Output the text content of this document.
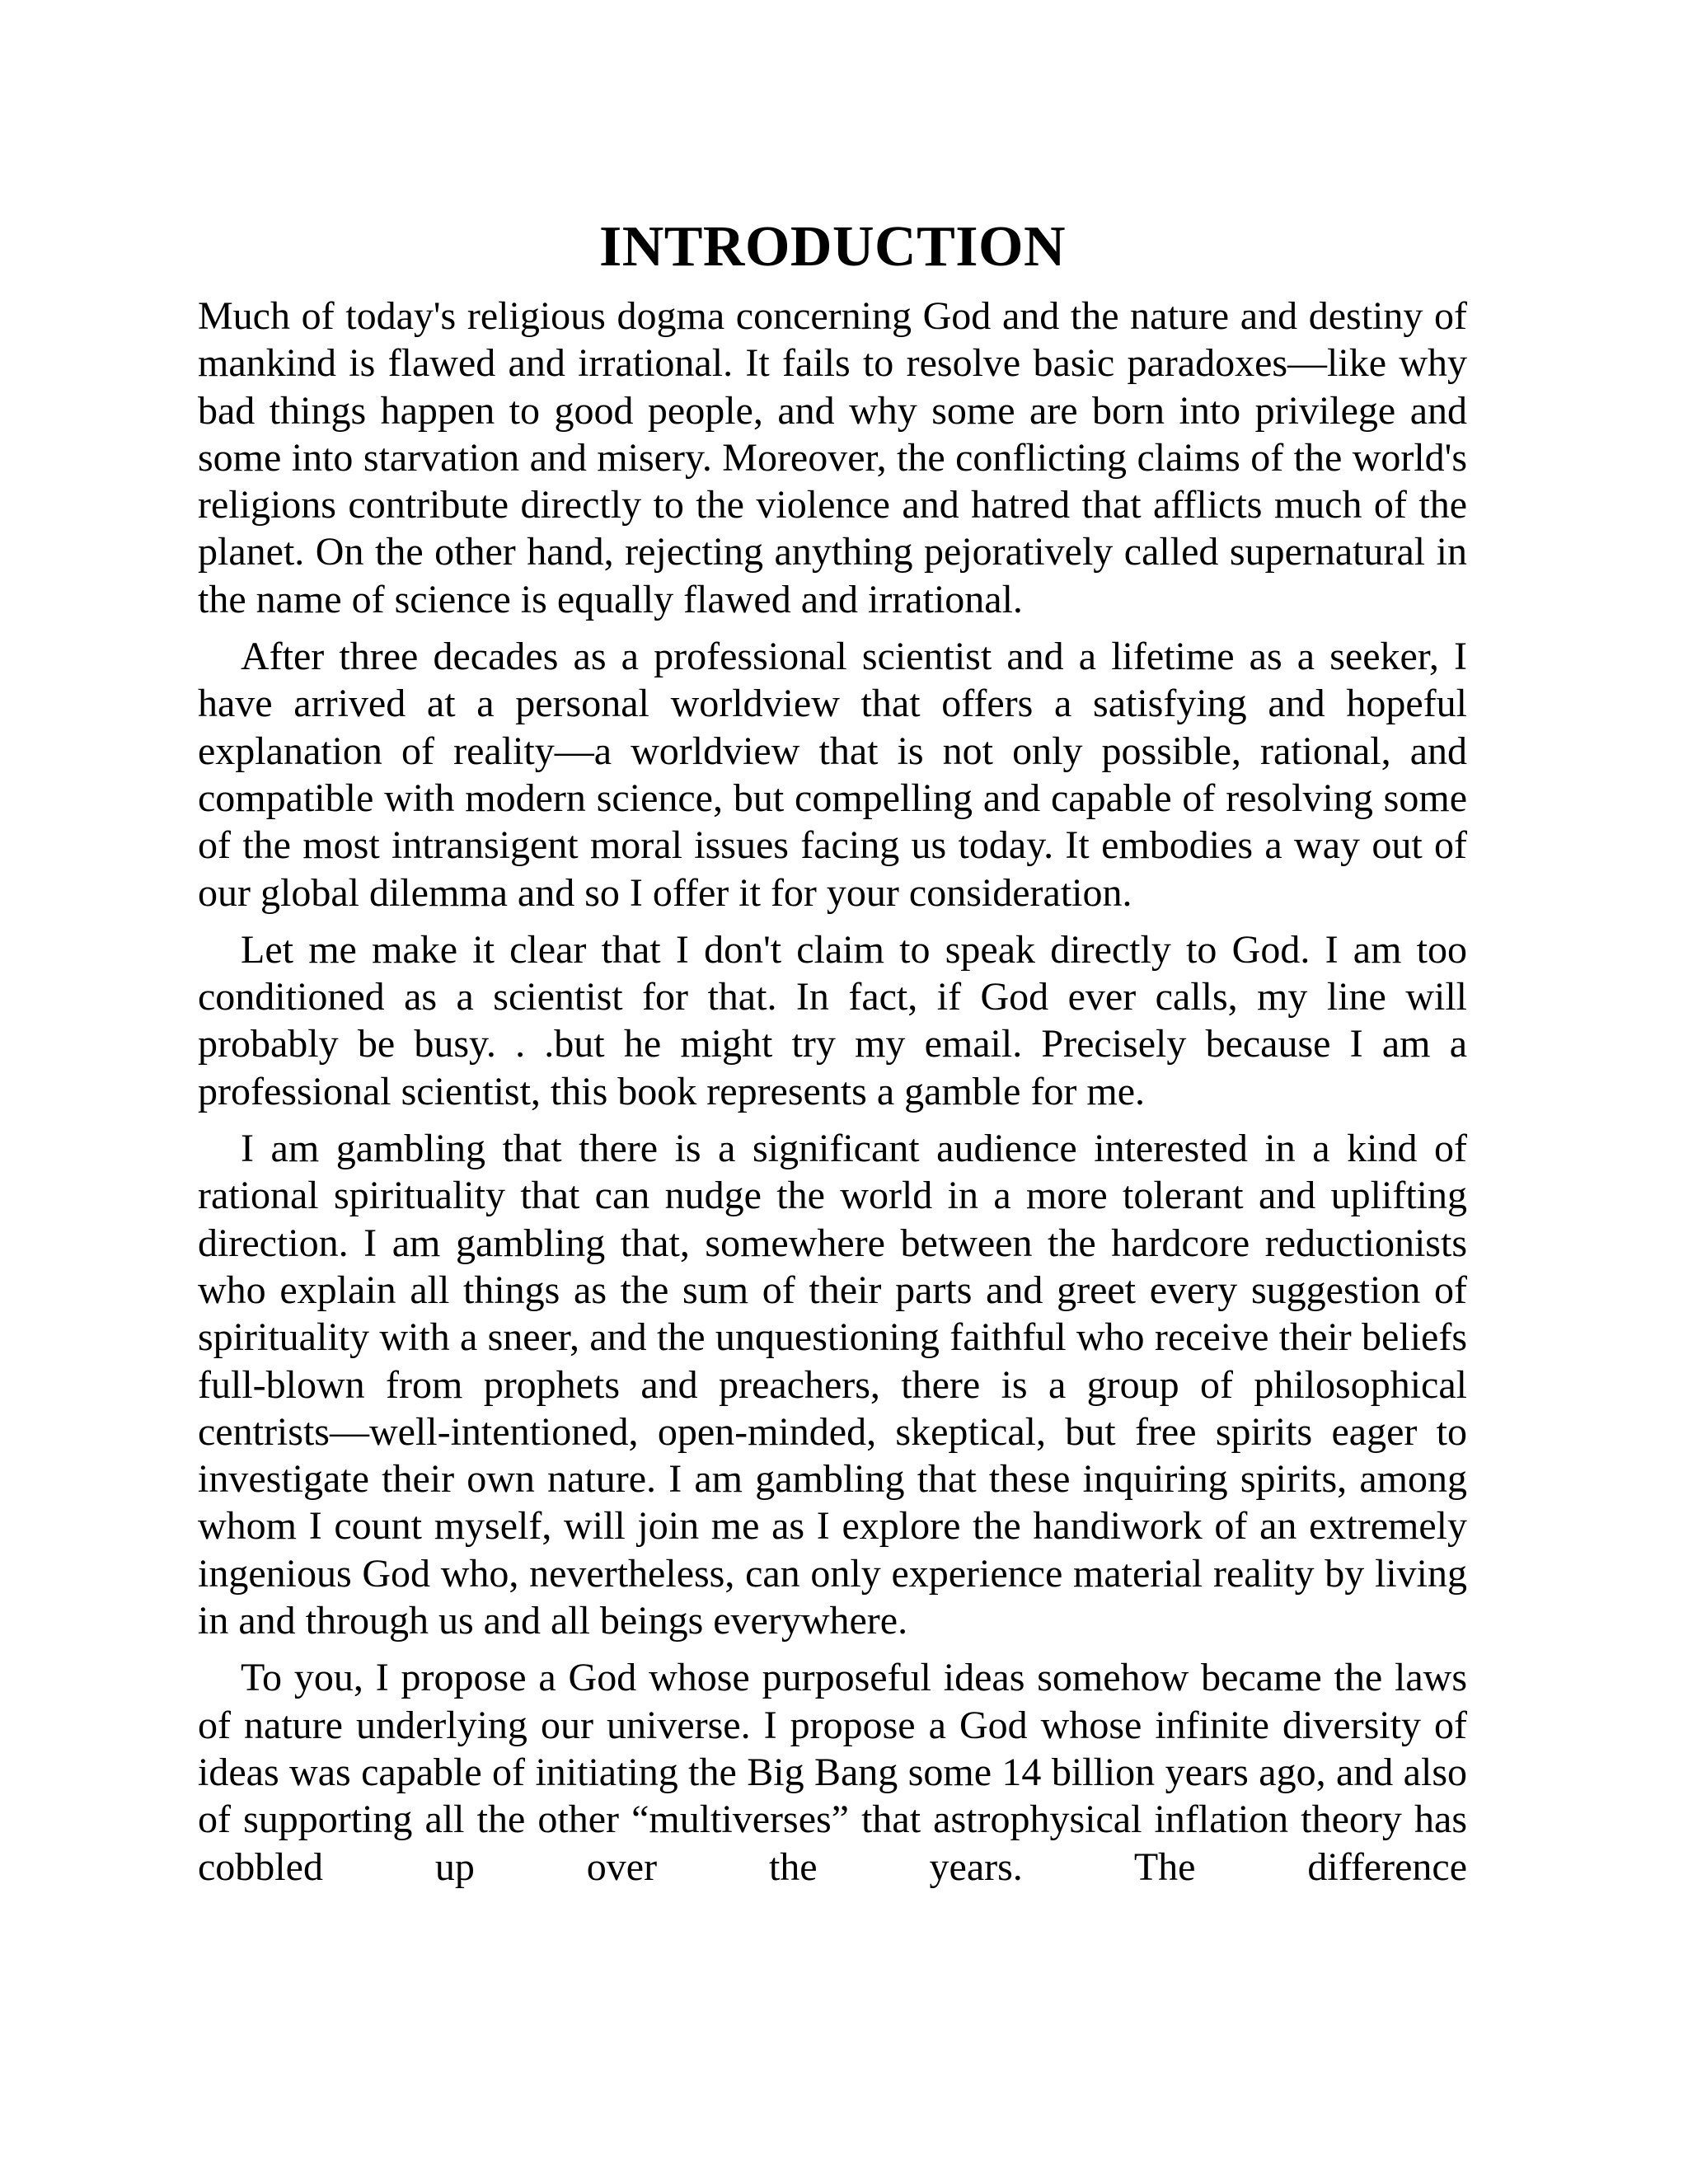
INTRODUCTION

Much of today's religious dogma concerning God and the nature and destiny of mankind is flawed and irrational. It fails to resolve basic paradoxes—like why bad things happen to good people, and why some are born into privilege and some into starvation and misery. Moreover, the conflicting claims of the world's religions contribute directly to the violence and hatred that afflicts much of the planet. On the other hand, rejecting anything pejoratively called supernatural in the name of science is equally flawed and irrational.

After three decades as a professional scientist and a lifetime as a seeker, I have arrived at a personal worldview that offers a satisfying and hopeful explanation of reality—a worldview that is not only possible, rational, and compatible with modern science, but compelling and capable of resolving some of the most intransigent moral issues facing us today. It embodies a way out of our global dilemma and so I offer it for your consideration.

Let me make it clear that I don't claim to speak directly to God. I am too conditioned as a scientist for that. In fact, if God ever calls, my line will probably be busy. . .but he might try my email. Precisely because I am a professional scientist, this book represents a gamble for me.

I am gambling that there is a significant audience interested in a kind of rational spirituality that can nudge the world in a more tolerant and uplifting direction. I am gambling that, somewhere between the hardcore reductionists who explain all things as the sum of their parts and greet every suggestion of spirituality with a sneer, and the unquestioning faithful who receive their beliefs full-blown from prophets and preachers, there is a group of philosophical centrists—well-intentioned, open-minded, skeptical, but free spirits eager to investigate their own nature. I am gambling that these inquiring spirits, among whom I count myself, will join me as I explore the handiwork of an extremely ingenious God who, nevertheless, can only experience material reality by living in and through us and all beings everywhere.

To you, I propose a God whose purposeful ideas somehow became the laws of nature underlying our universe. I propose a God whose infinite diversity of ideas was capable of initiating the Big Bang some 14 billion years ago, and also of supporting all the other “multiverses” that astrophysical inflation theory has cobbled up over the years. The difference
